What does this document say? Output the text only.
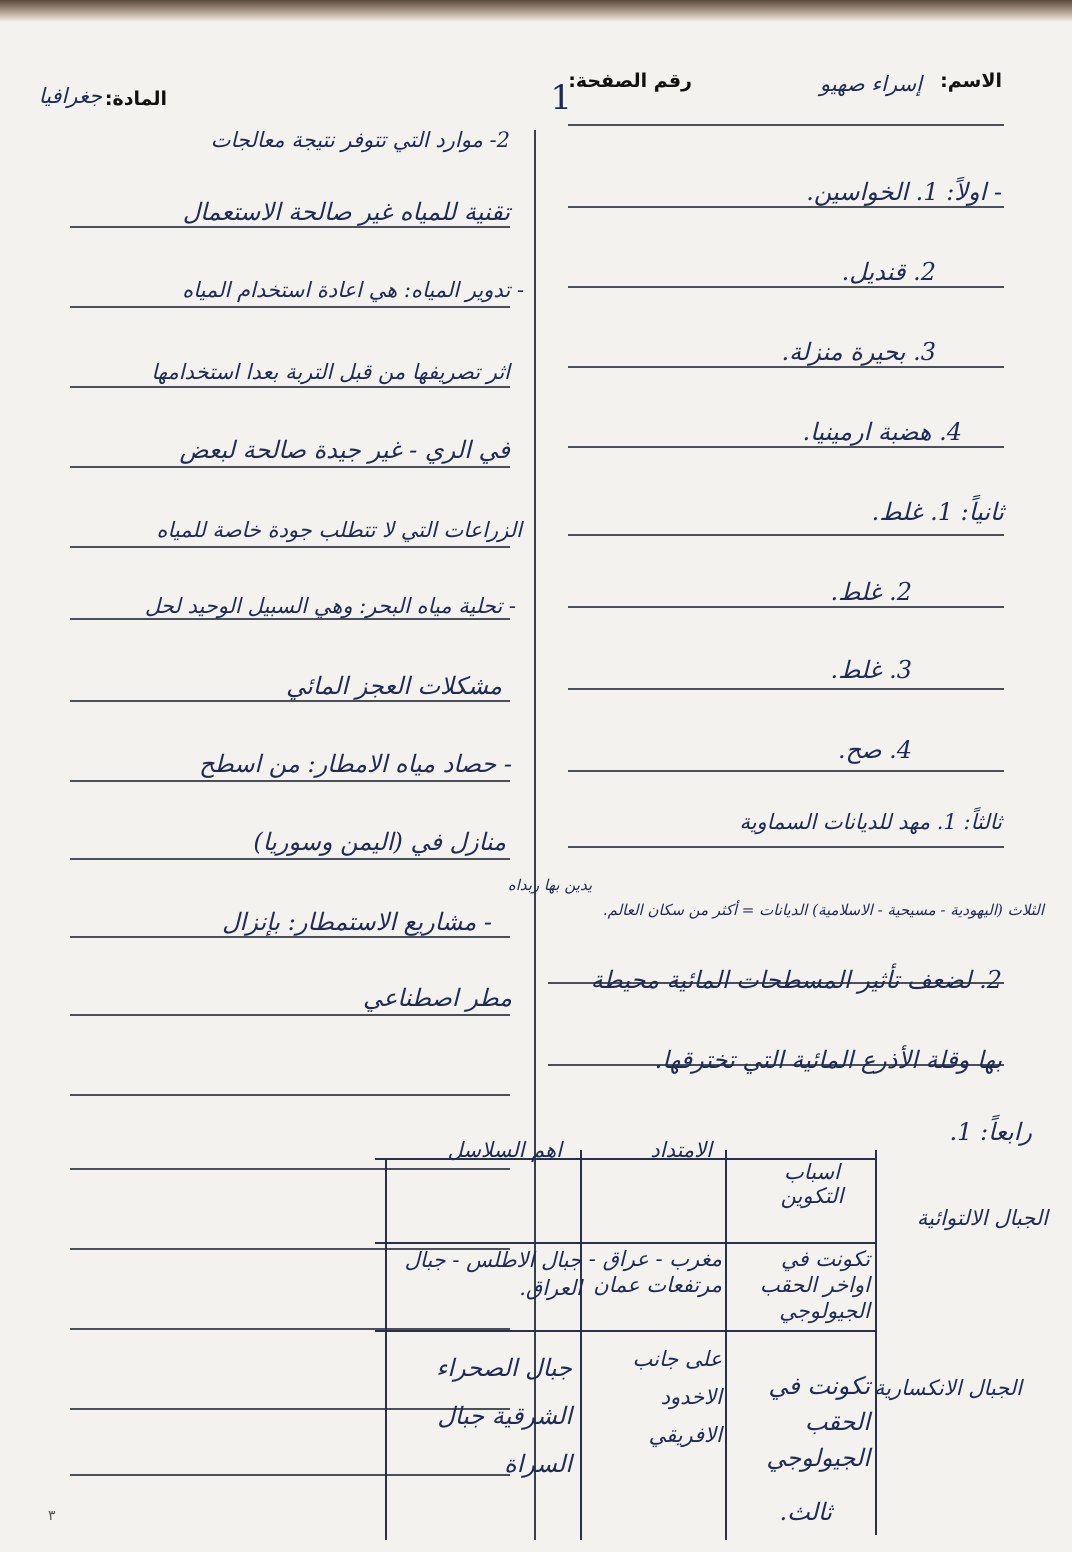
الاسم:
إسراء صهيو
رقم الصفحة:
1
المادة:
جغرافيا
- اولاً: 1. الخواسين.
2. قنديل.
3. بحيرة منزلة.
4. هضبة ارمينيا.
ثانياً: 1. غلط.
2. غلط.
3. غلط.
4. صح.
ثالثاً: 1. مهد للديانات السماوية
يدين بها ربداه
الثلاث (اليهودية - مسيحية - الاسلامية) الديانات = أكثر من سكان العالم.
2. لضعف تأثير المسطحات المائية محيطة
بها وقلة الأذرع المائية التي تخترقها.
رابعاً: 1.
2- موارد التي تتوفر نتيجة معالجات
تقنية للمياه غير صالحة الاستعمال
- تدوير المياه: هي اعادة استخدام المياه
اثر تصريفها من قبل التربة بعدا استخدامها
في الري - غير جيدة صالحة لبعض
الزراعات التي لا تتطلب جودة خاصة للمياه
- تحلية مياه البحر: وهي السبيل الوحيد لحل
مشكلات العجز المائي
- حصاد مياه الامطار: من اسطح
منازل في (اليمن وسوريا)
- مشاريع الاستمطار: بإنزال
مطر اصطناعي
اسباب التكوين
الامتداد
اهم السلاسل
الجبال الالتوائية
تكونت في اواخر الحقب الجيولوجي
مغرب - عراق - مرتفعات عمان
جبال الاطلس - جبال العراق.
الجبال الانكسارية
تكونت في الحقب الجيولوجي
على جانب الاخدود الافريقي
جبال الصحراء الشرقية جبال السراة
ثالث.
٣
